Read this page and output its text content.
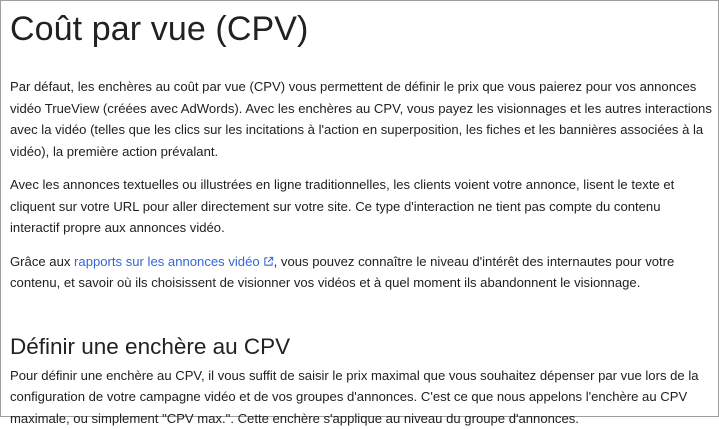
Coût par vue (CPV)

Par défaut, les enchères au coût par vue (CPV) vous permettent de définir le prix que vous paierez pour vos annonces vidéo TrueView (créées avec AdWords). Avec les enchères au CPV, vous payez les visionnages et les autres interactions avec la vidéo (telles que les clics sur les incitations à l'action en superposition, les fiches et les bannières associées à la vidéo), la première action prévalant.

Avec les annonces textuelles ou illustrées en ligne traditionnelles, les clients voient votre annonce, lisent le texte et cliquent sur votre URL pour aller directement sur votre site. Ce type d'interaction ne tient pas compte du contenu interactif propre aux annonces vidéo.

Grâce aux rapports sur les annonces vidéo , vous pouvez connaître le niveau d'intérêt des internautes pour votre contenu, et savoir où ils choisissent de visionner vos vidéos et à quel moment ils abandonnent le visionnage.

Définir une enchère au CPV

Pour définir une enchère au CPV, il vous suffit de saisir le prix maximal que vous souhaitez dépenser par vue lors de la configuration de votre campagne vidéo et de vos groupes d'annonces. C'est ce que nous appelons l'enchère au CPV maximale, ou simplement "CPV max.". Cette enchère s'applique au niveau du groupe d'annonces.
